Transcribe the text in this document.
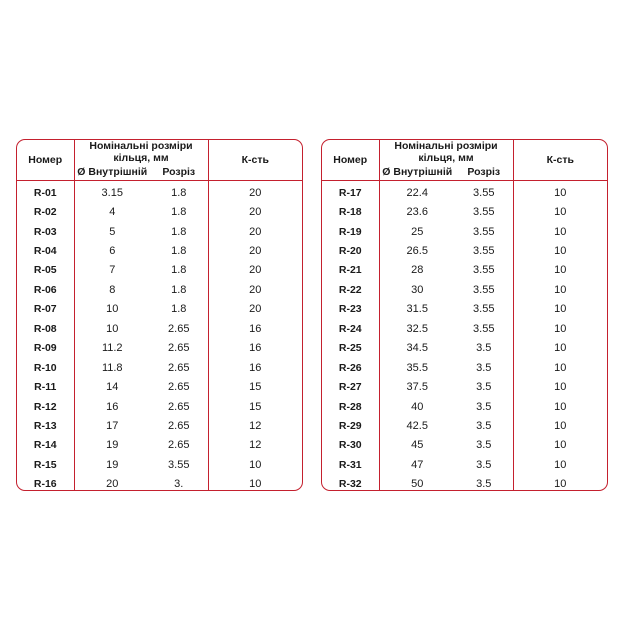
Номер	Номінальні розміри кільця, мм		К-сть
	Ø Внутрішній	Розріз	
R-01	3.15	1.8	20
R-02	4	1.8	20
R-03	5	1.8	20
R-04	6	1.8	20
R-05	7	1.8	20
R-06	8	1.8	20
R-07	10	1.8	20
R-08	10	2.65	16
R-09	11.2	2.65	16
R-10	11.8	2.65	16
R-11	14	2.65	15
R-12	16	2.65	15
R-13	17	2.65	12
R-14	19	2.65	12
R-15	19	3.55	10
R-16	20	3.	10
Номер	Номінальні розміри кільця, мм		К-сть
	Ø Внутрішній	Розріз	
R-17	22.4	3.55	10
R-18	23.6	3.55	10
R-19	25	3.55	10
R-20	26.5	3.55	10
R-21	28	3.55	10
R-22	30	3.55	10
R-23	31.5	3.55	10
R-24	32.5	3.55	10
R-25	34.5	3.5	10
R-26	35.5	3.5	10
R-27	37.5	3.5	10
R-28	40	3.5	10
R-29	42.5	3.5	10
R-30	45	3.5	10
R-31	47	3.5	10
R-32	50	3.5	10
